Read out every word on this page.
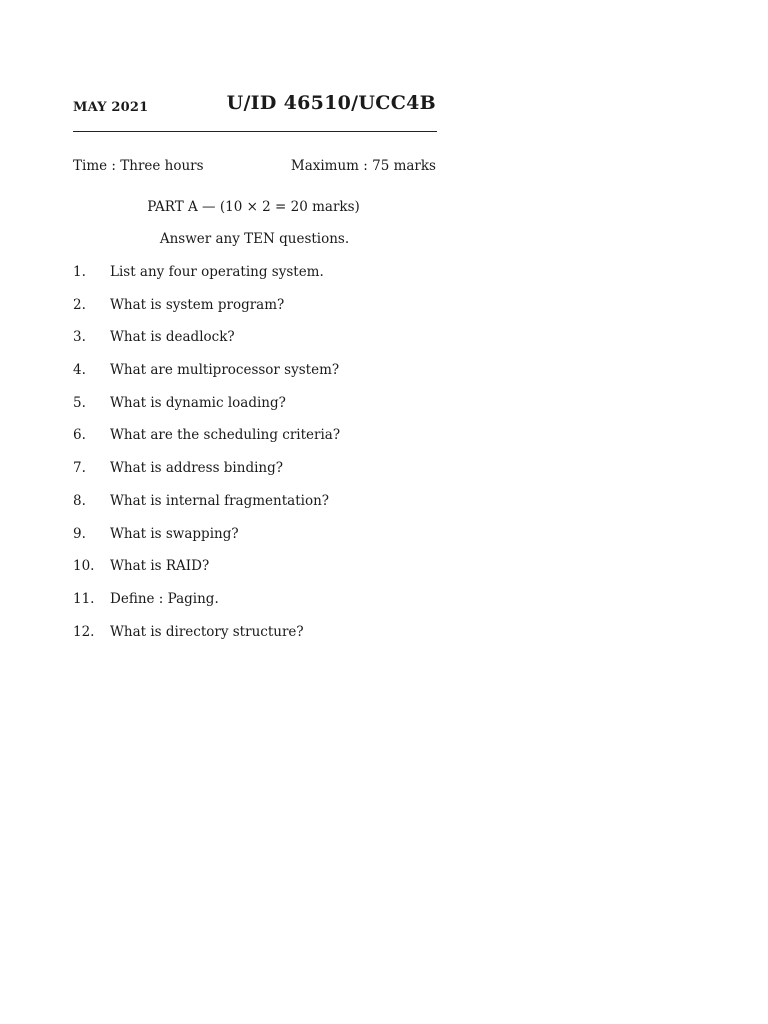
MAY 2021	U/ID 46510/UCC4B
Time : Three hours	Maximum : 75 marks
PART A — (10 × 2 = 20 marks)
Answer any TEN questions.
1. List any four operating system.
2. What is system program?
3. What is deadlock?
4. What are multiprocessor system?
5. What is dynamic loading?
6. What are the scheduling criteria?
7. What is address binding?
8. What is internal fragmentation?
9. What is swapping?
10. What is RAID?
11. Define : Paging.
12. What is directory structure?
